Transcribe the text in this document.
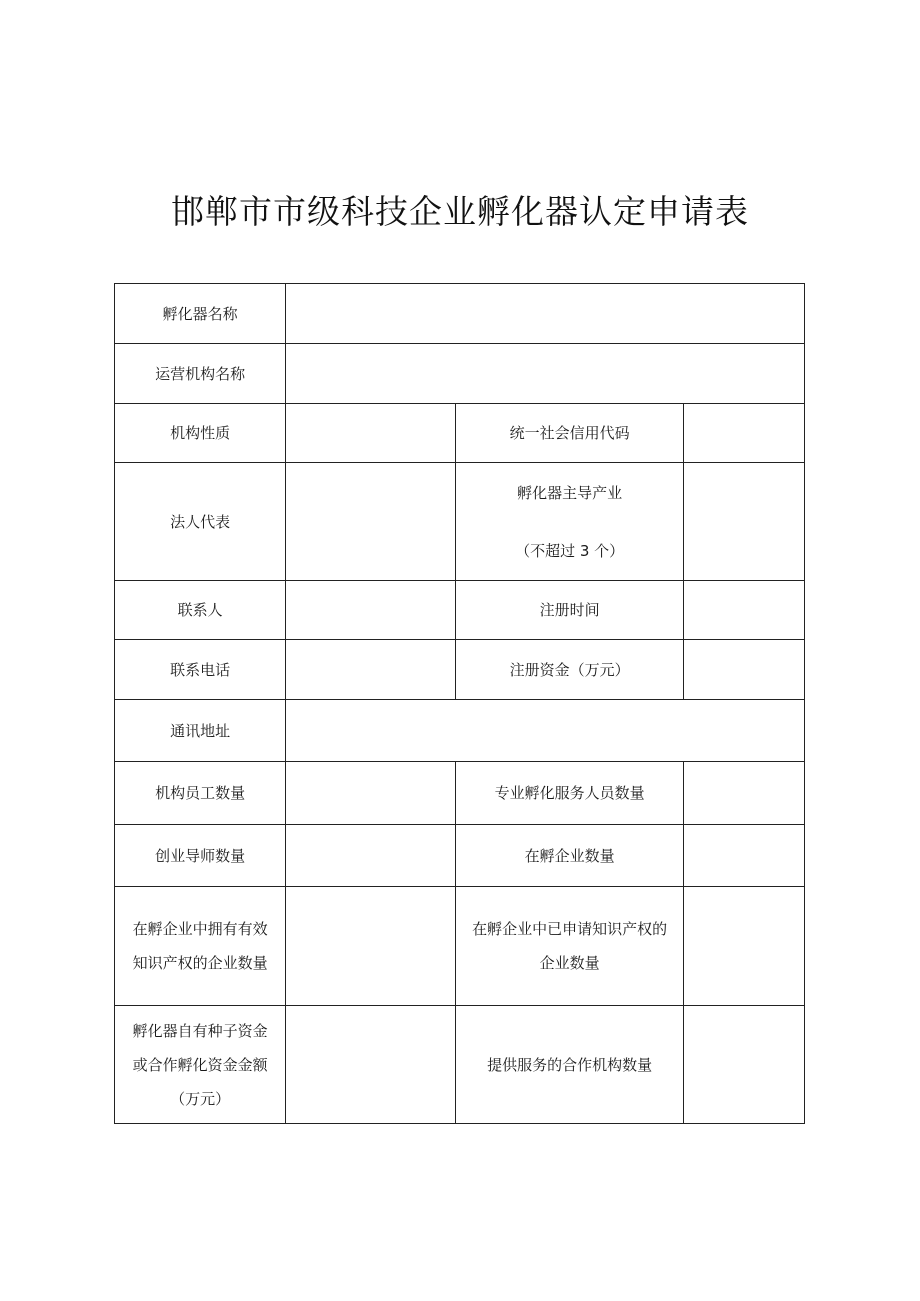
邯郸市市级科技企业孵化器认定申请表
孵化器名称			
运营机构名称			
机构性质		统一社会信用代码	
法人代表		孵化器主导产业
（不超过 3 个）	

联系人		注册时间	
联系电话		注册资金（万元）	
通讯地址			
机构员工数量		专业孵化服务人员数量	
创业导师数量		在孵企业数量	

在孵企业中拥有有效
知识产权的企业数量		在孵企业中已申请知识产权的
企业数量	

孵化器自有种子资金
或合作孵化资金金额
（万元）		提供服务的合作机构数量	
